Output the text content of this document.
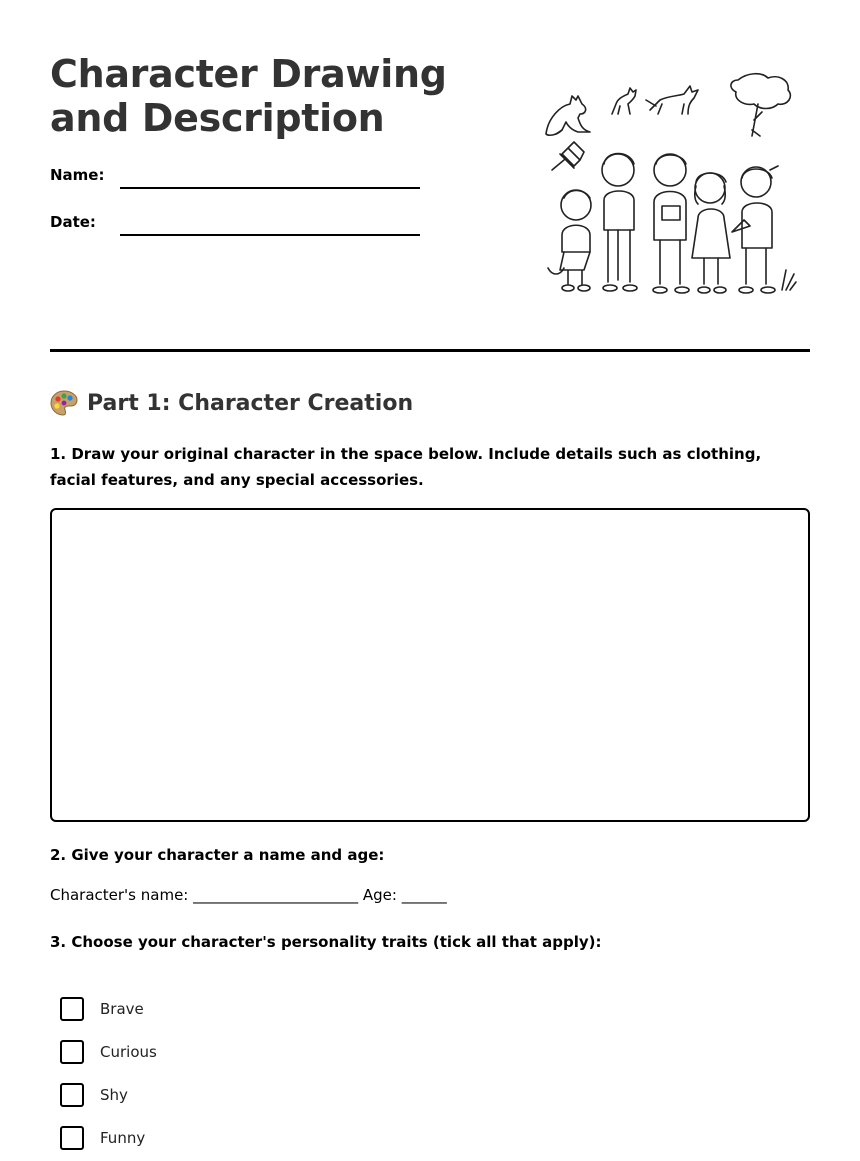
Character Drawing and Description
Name:
Date:
Part 1: Character Creation

1. Draw your original character in the space below. Include details such as clothing, facial features, and any special accessories.

2. Give your character a name and age:

Character's name: ______________________ Age: ______

3. Choose your character's personality traits (tick all that apply):

Brave
Curious
Shy
Funny
